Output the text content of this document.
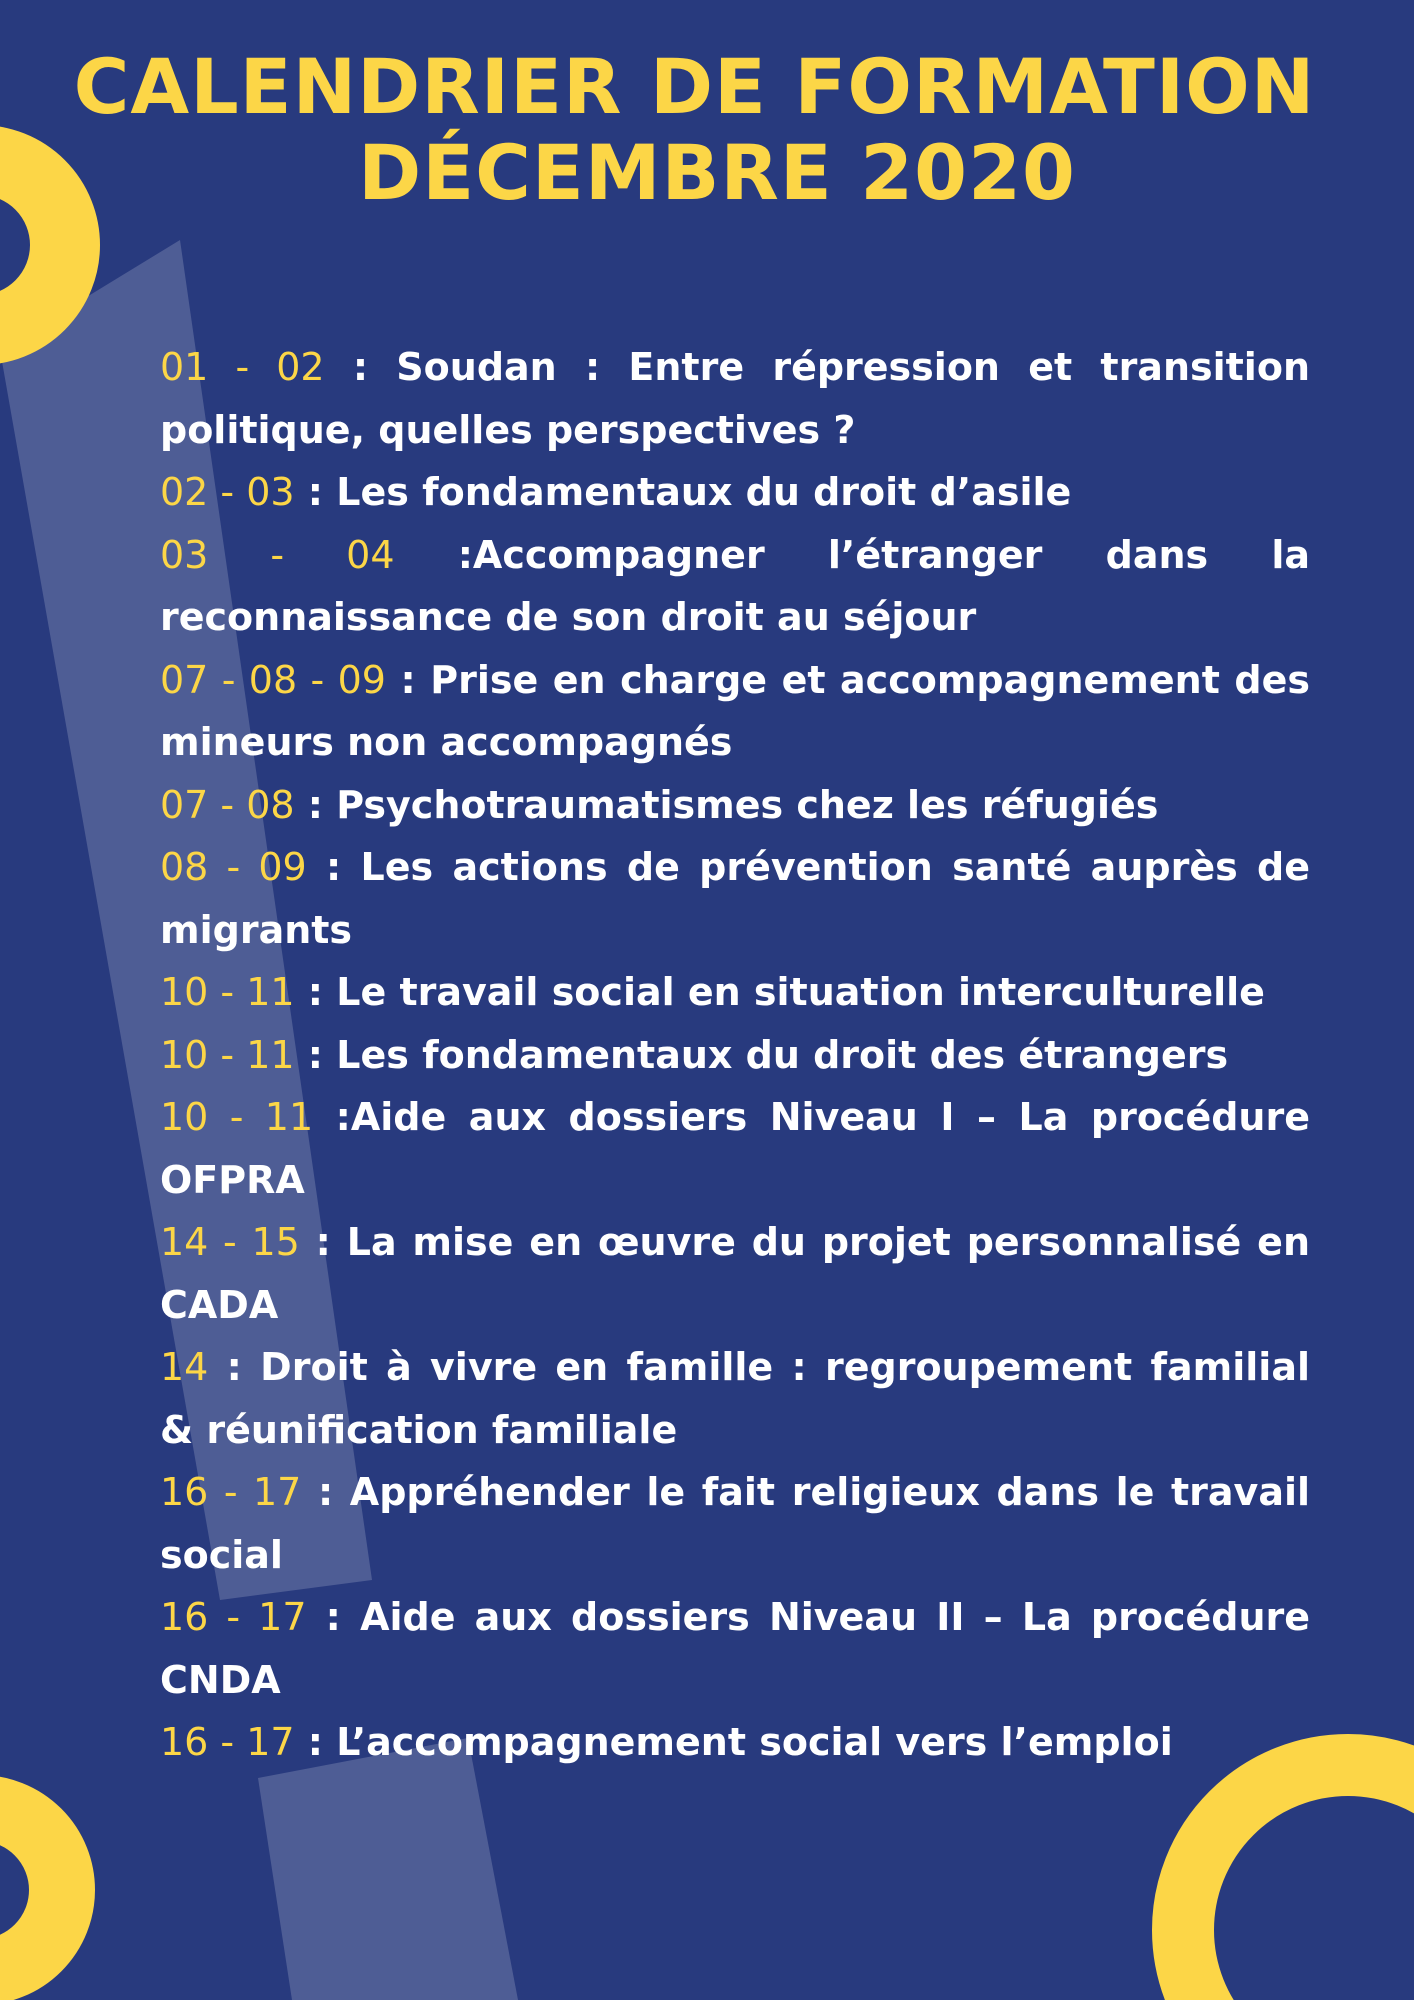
CALENDRIER DE FORMATION
DÉCEMBRE 2020
01 - 02 : Soudan : Entre répression et transition politique, quelles perspectives ?
02 - 03 : Les fondamentaux du droit d’asile
03 - 04 :Accompagner l’étranger dans la reconnaissance de son droit au séjour
07 - 08 - 09 : Prise en charge et accompagnement des mineurs non accompagnés
07 - 08 : Psychotraumatismes chez les réfugiés
08 - 09 : Les actions de prévention santé auprès de migrants
10 - 11 : Le travail social en situation interculturelle
10 - 11 : Les fondamentaux du droit des étrangers
10 - 11 :Aide aux dossiers Niveau I – La procédure OFPRA
14 - 15 : La mise en œuvre du projet personnalisé en CADA
14 : Droit à vivre en famille : regroupement familial & réunification familiale
16 - 17 : Appréhender le fait religieux dans le travail social
16 - 17 : Aide aux dossiers Niveau II – La procédure CNDA
16 - 17 : L’accompagnement social vers l’emploi
